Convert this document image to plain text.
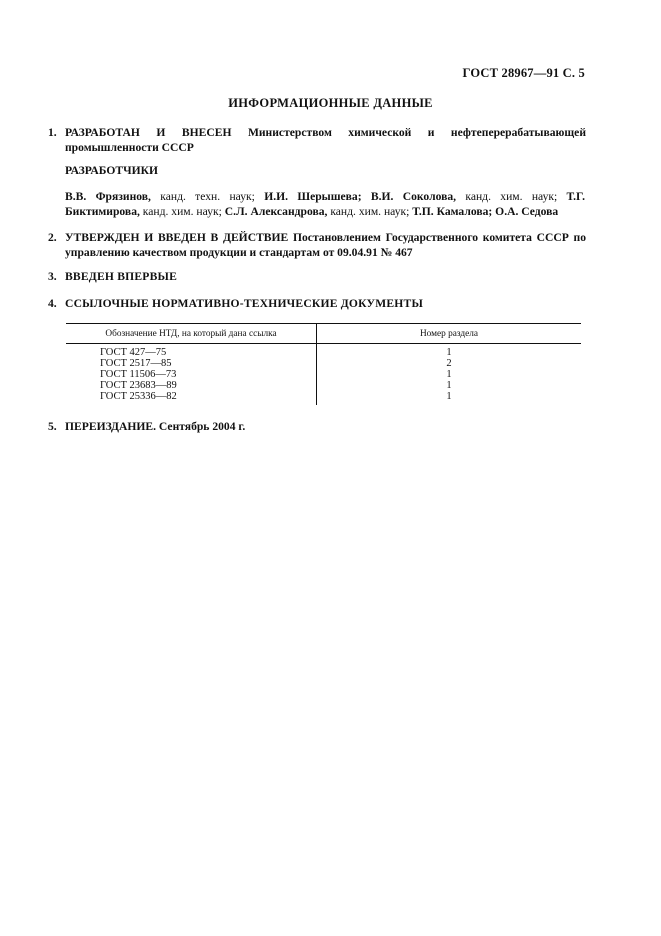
ГОСТ 28967—91 С. 5
ИНФОРМАЦИОННЫЕ ДАННЫЕ
1. РАЗРАБОТАН И ВНЕСЕН Министерством химической и нефтеперерабатывающей промышленности СССР
РАЗРАБОТЧИКИ
В.В. Фрязинов, канд. техн. наук; И.И. Шерышева; В.И. Соколова, канд. хим. наук; Т.Г. Биктимирова, канд. хим. наук; С.Л. Александрова, канд. хим. наук; Т.П. Камалова; О.А. Седова
2. УТВЕРЖДЕН И ВВЕДЕН В ДЕЙСТВИЕ Постановлением Государственного комитета СССР по управлению качеством продукции и стандартам от 09.04.91 № 467
3. ВВЕДЕН ВПЕРВЫЕ
4. ССЫЛОЧНЫЕ НОРМАТИВНО-ТЕХНИЧЕСКИЕ ДОКУМЕНТЫ
Обозначение НТД, на который дана ссылка	Номер раздела
ГОСТ 427—75	1
ГОСТ 2517—85	2
ГОСТ 11506—73	1
ГОСТ 23683—89	1
ГОСТ 25336—82	1
5. ПЕРЕИЗДАНИЕ. Сентябрь 2004 г.
